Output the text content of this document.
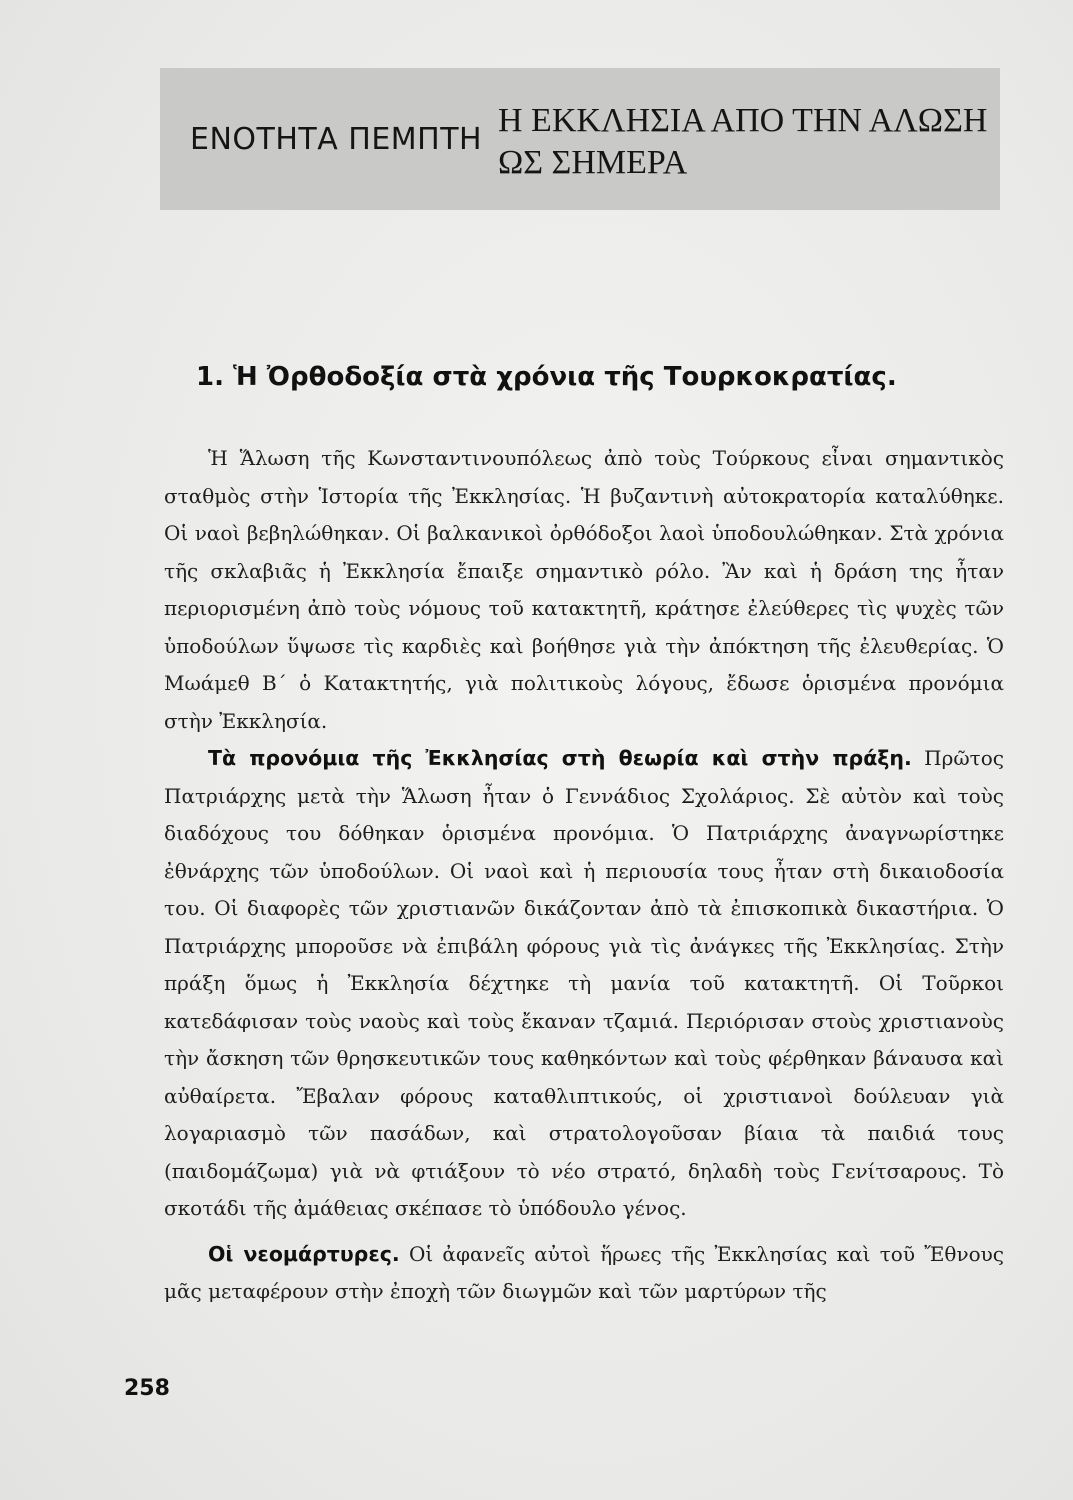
ΕΝΟΤΗΤΑ ΠΕΜΠΤΗ
Η ΕΚΚΛΗΣΙΑ ΑΠΟ ΤΗΝ ΑΛΩΣΗ
ΩΣ ΣΗΜΕΡΑ
1. Ἡ Ὀρθοδοξία στὰ χρόνια τῆς Τουρκοκρατίας.

Ἡ Ἅλωση τῆς Κωνσταντινουπόλεως ἀπὸ τοὺς Τούρκους εἶναι σημαντικὸς σταθμὸς στὴν Ἱστορία τῆς Ἐκκλησίας. Ἡ βυζαντινὴ αὐτοκρατορία καταλύθηκε. Οἱ ναοὶ βεβηλώθηκαν. Οἱ βαλκανικοὶ ὀρθόδοξοι λαοὶ ὑποδουλώθηκαν. Στὰ χρόνια τῆς σκλαβιᾶς ἡ Ἐκκλησία ἔπαιξε σημαντικὸ ρόλο. Ἂν καὶ ἡ δράση της ἦταν περιορισμένη ἀπὸ τοὺς νόμους τοῦ κατακτητῆ, κράτησε ἐλεύθερες τὶς ψυχὲς τῶν ὑποδούλων ὕψωσε τὶς καρδιὲς καὶ βοήθησε γιὰ τὴν ἀπόκτηση τῆς ἐλευθερίας. Ὁ Μωάμεθ Β΄ ὁ Κατακτητής, γιὰ πολιτικοὺς λόγους, ἔδωσε ὁρισμένα προνόμια στὴν Ἐκκλησία.

Τὰ προνόμια τῆς Ἐκκλησίας στὴ θεωρία καὶ στὴν πράξη. Πρῶτος Πατριάρχης μετὰ τὴν Ἅλωση ἦταν ὁ Γεννάδιος Σχολάριος. Σὲ αὐτὸν καὶ τοὺς διαδόχους του δόθηκαν ὁρισμένα προνόμια. Ὁ Πατριάρχης ἀναγνωρίστηκε ἐθνάρχης τῶν ὑποδούλων. Οἱ ναοὶ καὶ ἡ περιουσία τους ἦταν στὴ δικαιοδοσία του. Οἱ διαφορὲς τῶν χριστιανῶν δικάζονταν ἀπὸ τὰ ἐπισκοπικὰ δικαστήρια. Ὁ Πατριάρχης μποροῦσε νὰ ἐπιβάλη φόρους γιὰ τὶς ἀνάγκες τῆς Ἐκκλησίας. Στὴν πράξη ὅμως ἡ Ἐκκλησία δέχτηκε τὴ μανία τοῦ κατακτητῆ. Οἱ Τοῦρκοι κατεδάφισαν τοὺς ναοὺς καὶ τοὺς ἔκαναν τζαμιά. Περιόρισαν στοὺς χριστιανοὺς τὴν ἄσκηση τῶν θρησκευτικῶν τους καθηκόντων καὶ τοὺς φέρθηκαν βάναυσα καὶ αὐθαίρετα. Ἔβαλαν φόρους καταθλιπτικούς, οἱ χριστιανοὶ δούλευαν γιὰ λογαριασμὸ τῶν πασάδων, καὶ στρατολογοῦσαν βίαια τὰ παιδιά τους (παιδομάζωμα) γιὰ νὰ φτιάξουν τὸ νέο στρατό, δηλαδὴ τοὺς Γενίτσαρους. Τὸ σκοτάδι τῆς ἀμάθειας σκέπασε τὸ ὑπόδουλο γένος.

Οἱ νεομάρτυρες. Οἱ ἀφανεῖς αὐτοὶ ἥρωες τῆς Ἐκκλησίας καὶ τοῦ Ἔθνους μᾶς μεταφέρουν στὴν ἐποχὴ τῶν διωγμῶν καὶ τῶν μαρτύρων τῆς

258
